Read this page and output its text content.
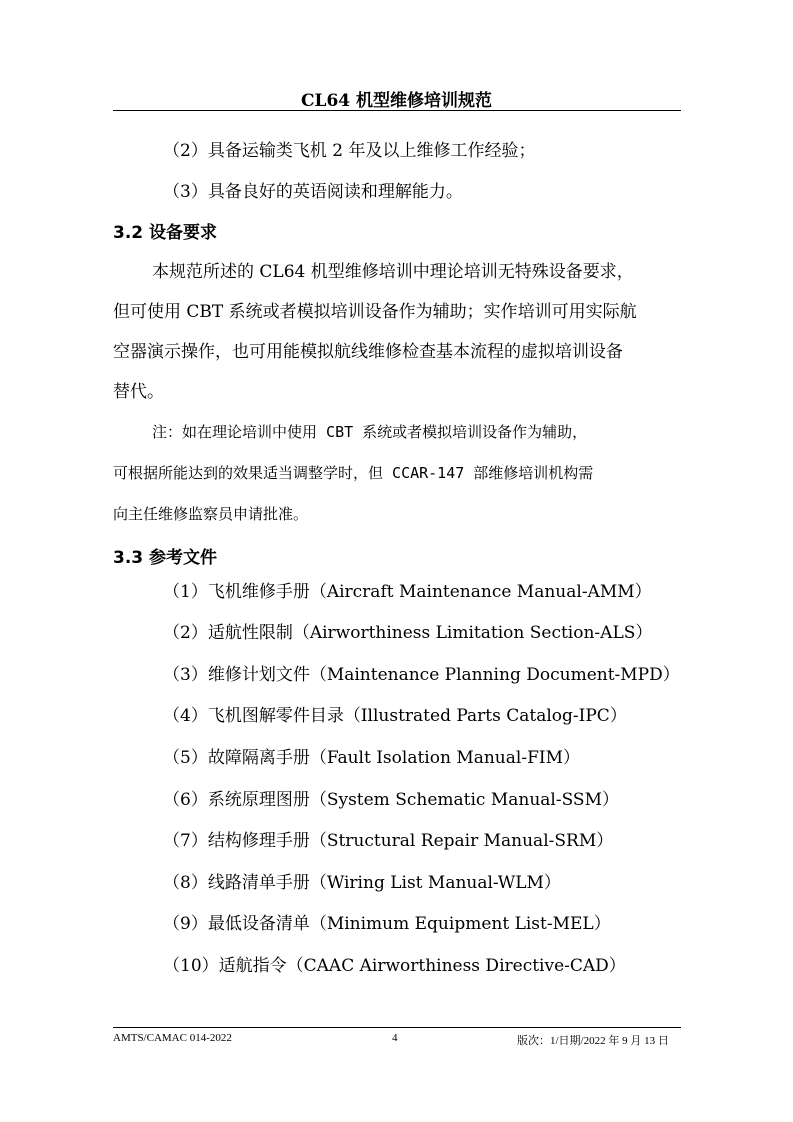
CL64 机型维修培训规范
（2）具备运输类飞机 2 年及以上维修工作经验；
（3）具备良好的英语阅读和理解能力。
3.2 设备要求
本规范所述的 CL64 机型维修培训中理论培训无特殊设备要求，
但可使用 CBT 系统或者模拟培训设备作为辅助；实作培训可用实际航
空器演示操作，也可用能模拟航线维修检查基本流程的虚拟培训设备
替代。
注：如在理论培训中使用 CBT 系统或者模拟培训设备作为辅助，
可根据所能达到的效果适当调整学时，但 CCAR-147 部维修培训机构需
向主任维修监察员申请批准。
3.3 参考文件
（1）飞机维修手册（Aircraft Maintenance Manual-AMM）
（2）适航性限制（Airworthiness Limitation Section-ALS）
（3）维修计划文件（Maintenance Planning Document-MPD）
（4）飞机图解零件目录（Illustrated Parts Catalog-IPC）
（5）故障隔离手册（Fault Isolation Manual-FIM）
（6）系统原理图册（System Schematic Manual-SSM）
（7）结构修理手册（Structural Repair Manual-SRM）
（8）线路清单手册（Wiring List Manual-WLM）
（9）最低设备清单（Minimum Equipment List-MEL）
（10）适航指令（CAAC Airworthiness Directive-CAD）
AMTS/CAMAC 014-2022	4	版次：1/日期/2022 年 9 月 13 日
